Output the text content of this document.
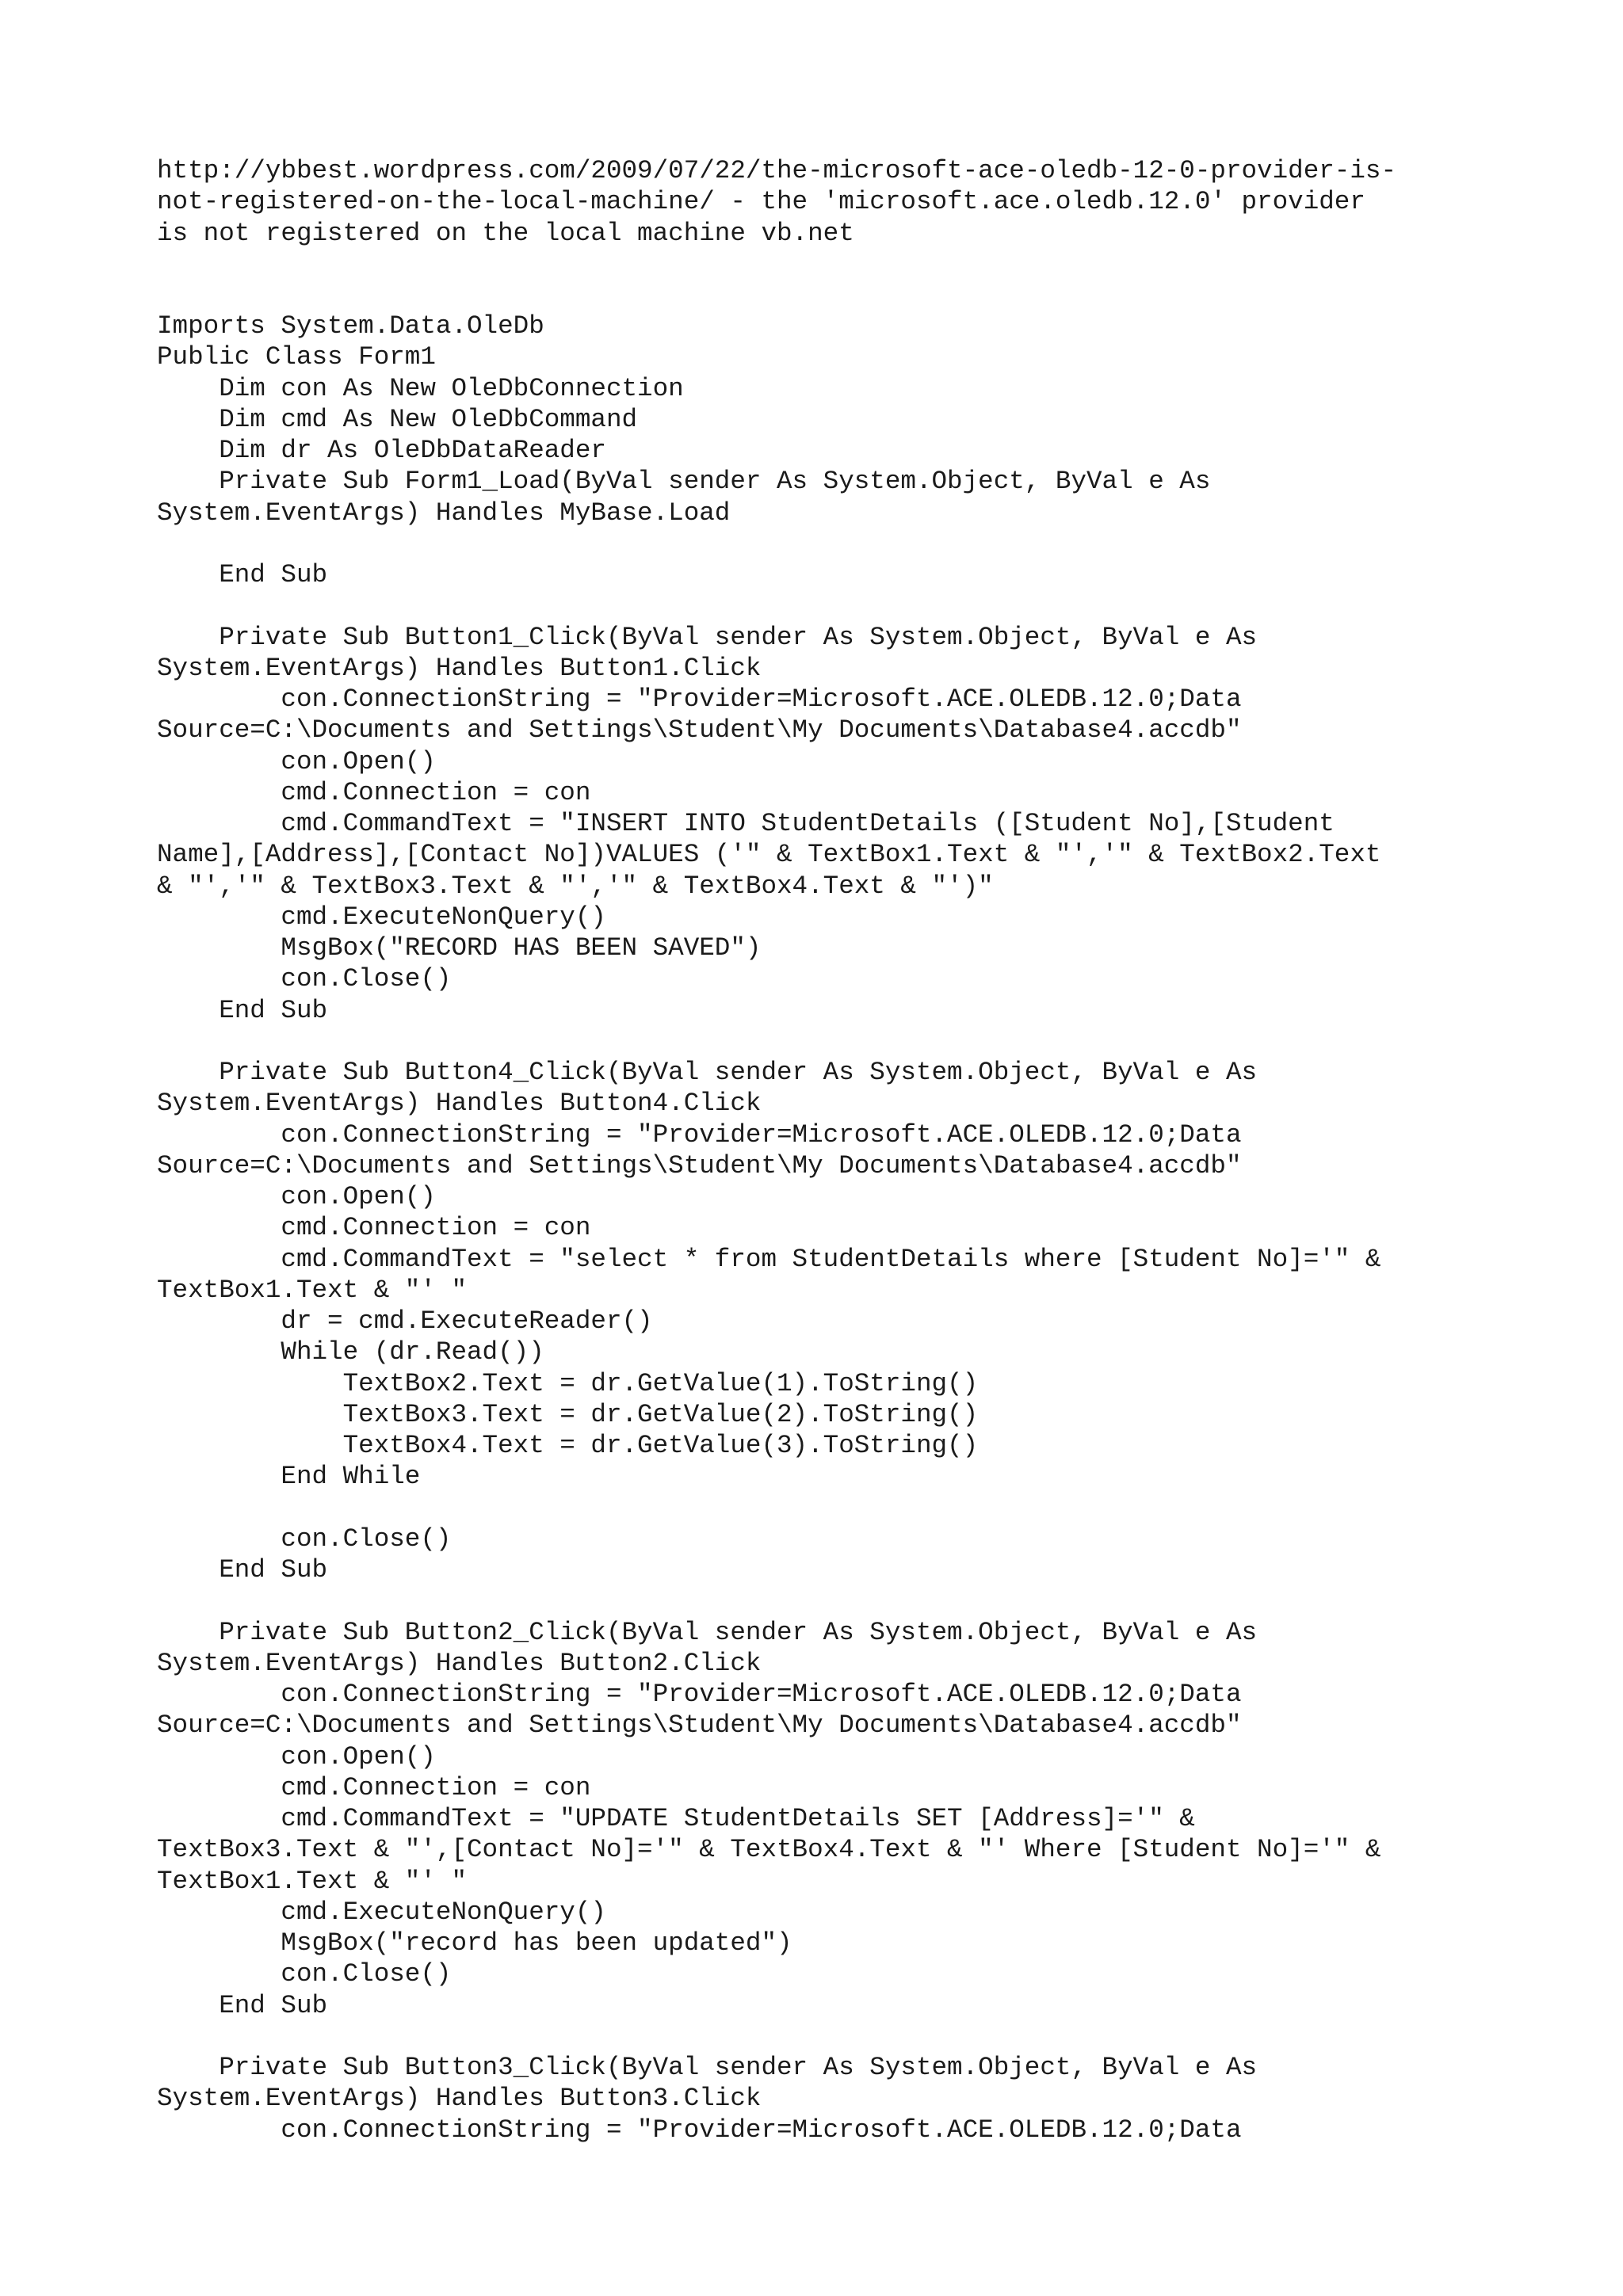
http://ybbest.wordpress.com/2009/07/22/the-microsoft-ace-oledb-12-0-provider-is-
not-registered-on-the-local-machine/ - the 'microsoft.ace.oledb.12.0' provider
is not registered on the local machine vb.net
Imports System.Data.OleDb
Public Class Form1
Dim con As New OleDbConnection
Dim cmd As New OleDbCommand
Dim dr As OleDbDataReader
Private Sub Form1_Load(ByVal sender As System.Object, ByVal e As
System.EventArgs) Handles MyBase.Load

End Sub

Private Sub Button1_Click(ByVal sender As System.Object, ByVal e As
System.EventArgs) Handles Button1.Click
con.ConnectionString = "Provider=Microsoft.ACE.OLEDB.12.0;Data
Source=C:\Documents and Settings\Student\My Documents\Database4.accdb"
con.Open()
cmd.Connection = con
cmd.CommandText = "INSERT INTO StudentDetails ([Student No],[Student
Name],[Address],[Contact No])VALUES ('" & TextBox1.Text & "','" & TextBox2.Text
& "','" & TextBox3.Text & "','" & TextBox4.Text & "')"
cmd.ExecuteNonQuery()
MsgBox("RECORD HAS BEEN SAVED")
con.Close()
End Sub

Private Sub Button4_Click(ByVal sender As System.Object, ByVal e As
System.EventArgs) Handles Button4.Click
con.ConnectionString = "Provider=Microsoft.ACE.OLEDB.12.0;Data
Source=C:\Documents and Settings\Student\My Documents\Database4.accdb"
con.Open()
cmd.Connection = con
cmd.CommandText = "select * from StudentDetails where [Student No]='" &
TextBox1.Text & "' "
dr = cmd.ExecuteReader()
While (dr.Read())
TextBox2.Text = dr.GetValue(1).ToString()
TextBox3.Text = dr.GetValue(2).ToString()
TextBox4.Text = dr.GetValue(3).ToString()
End While

con.Close()
End Sub

Private Sub Button2_Click(ByVal sender As System.Object, ByVal e As
System.EventArgs) Handles Button2.Click
con.ConnectionString = "Provider=Microsoft.ACE.OLEDB.12.0;Data
Source=C:\Documents and Settings\Student\My Documents\Database4.accdb"
con.Open()
cmd.Connection = con
cmd.CommandText = "UPDATE StudentDetails SET [Address]='" &
TextBox3.Text & "',[Contact No]='" & TextBox4.Text & "' Where [Student No]='" &
TextBox1.Text & "' "
cmd.ExecuteNonQuery()
MsgBox("record has been updated")
con.Close()
End Sub

Private Sub Button3_Click(ByVal sender As System.Object, ByVal e As
System.EventArgs) Handles Button3.Click
con.ConnectionString = "Provider=Microsoft.ACE.OLEDB.12.0;Data
